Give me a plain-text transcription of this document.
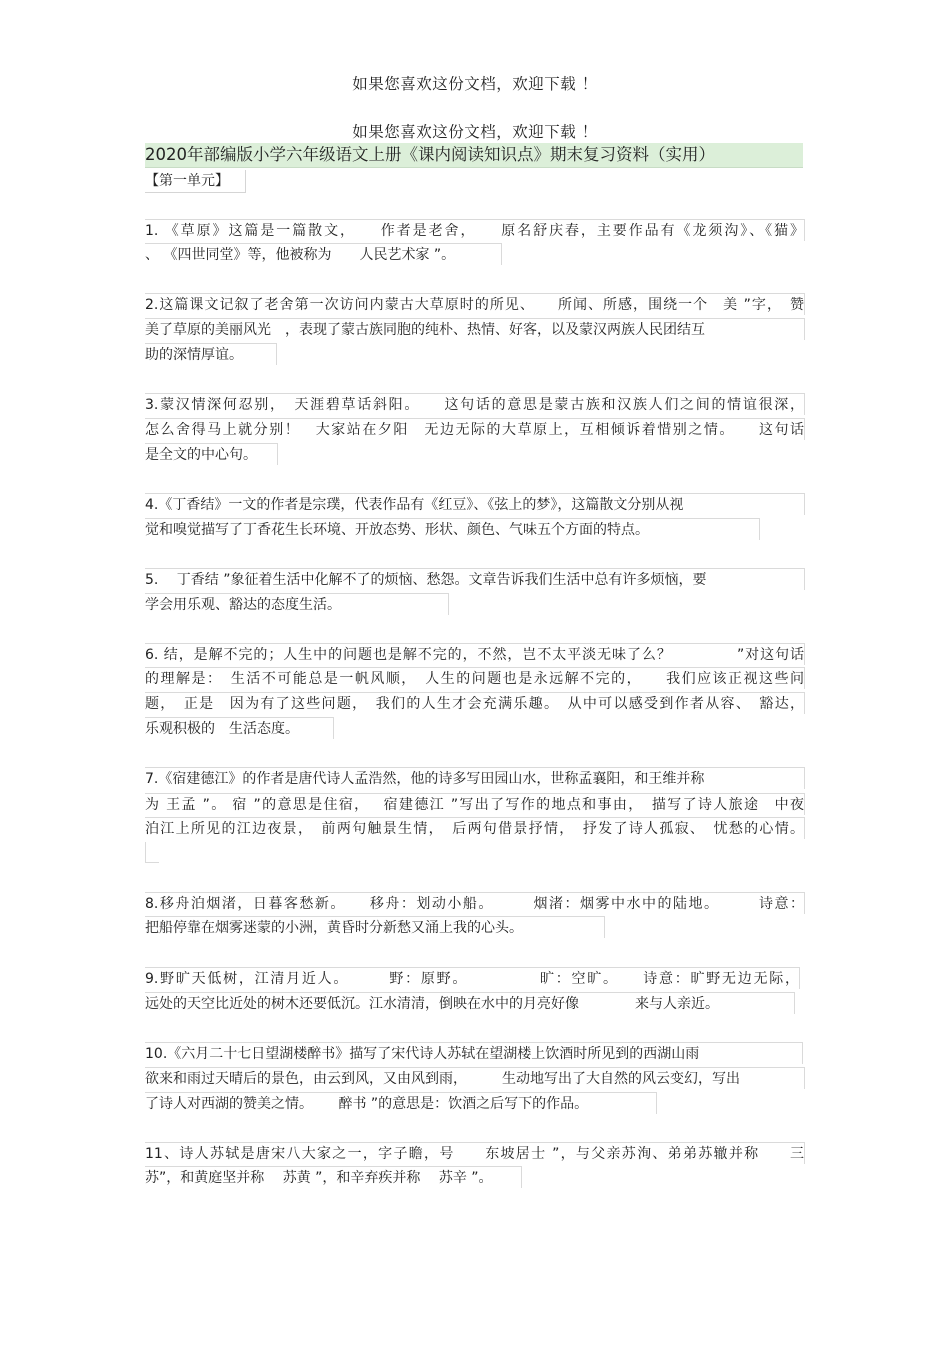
如果您喜欢这份文档，欢迎下载 ！
如果您喜欢这份文档，欢迎下载 ！
2020年部编版小学六年级语文上册《课内阅读知识点》期末复习资料（实用）
【第一单元】
1. 《草原》这篇是一篇散文，　　作者是老舍，　　原名舒庆春，主要作品有《龙须沟》、《猫》
、 《四世同堂》等，他被称为　　人民艺术家 ”。
2.这篇课文记叙了老舍第一次访问内蒙古大草原时的所见、　　所闻、所感，围绕一个　美 ”字，　赞
美了草原的美丽风光　，表现了蒙古族同胞的纯朴、热情、好客，以及蒙汉两族人民团结互
助的深情厚谊。
3.蒙汉情深何忍别，　天涯碧草话斜阳。　　这句话的意思是蒙古族和汉族人们之间的情谊很深，
怎么舍得马上就分别！　大家站在夕阳　无边无际的大草原上，互相倾诉着惜别之情。　　这句话
是全文的中心句。
4.《丁香结》一文的作者是宗璞，代表作品有《红豆》、《弦上的梦》，这篇散文分别从视
觉和嗅觉描写了丁香花生长环境、开放态势、形状、颜色、气味五个方面的特点。
5.　 丁香结 ”象征着生活中化解不了的烦恼、愁怨。文章告诉我们生活中总有许多烦恼，要
学会用乐观、豁达的态度生活。
6. 结，是解不完的；人生中的问题也是解不完的，不然，岂不太平淡无味了么？　　　　 ”对这句话
的理解是：　生活不可能总是一帆风顺，　人生的问题也是永远解不完的，　　我们应该正视这些问
题，　正是　因为有了这些问题，　我们的人生才会充满乐趣。　从中可以感受到作者从容、　豁达，
乐观积极的　生活态度。
7.《宿建德江》的作者是唐代诗人孟浩然，他的诗多写田园山水，世称孟襄阳，和王维并称
为 王孟 ”。 宿 ”的意思是住宿，　 宿建德江 ”写出了写作的地点和事由，　描写了诗人旅途　中夜
泊江上所见的江边夜景，　前两句触景生情，　后两句借景抒情，　抒发了诗人孤寂、　忧愁的心情。
8.移舟泊烟渚，日暮客愁新。　　移舟：划动小船。　　　烟渚：烟雾中水中的陆地。　　　诗意：
把船停靠在烟雾迷蒙的小洲，黄昏时分新愁又涌上我的心头。
9.野旷天低树，江清月近人。　　　野：原野。　　　　　旷：空旷。　　诗意：旷野无边无际，
远处的天空比近处的树木还要低沉。江水清清，倒映在水中的月亮好像　　　　来与人亲近。
10.《六月二十七日望湖楼醉书》描写了宋代诗人苏轼在望湖楼上饮酒时所见到的西湖山雨
欲来和雨过天晴后的景色，由云到风，又由风到雨，　　　生动地写出了大自然的风云变幻，写出
了诗人对西湖的赞美之情。　　 醉书 ”的意思是：饮酒之后写下的作品。
11、诗人苏轼是唐宋八大家之一，字子瞻，号　　东坡居士 ”，与父亲苏洵、弟弟苏辙并称　　三
苏”，和黄庭坚并称　 苏黄 ”，和辛弃疾并称　 苏辛 ”。
